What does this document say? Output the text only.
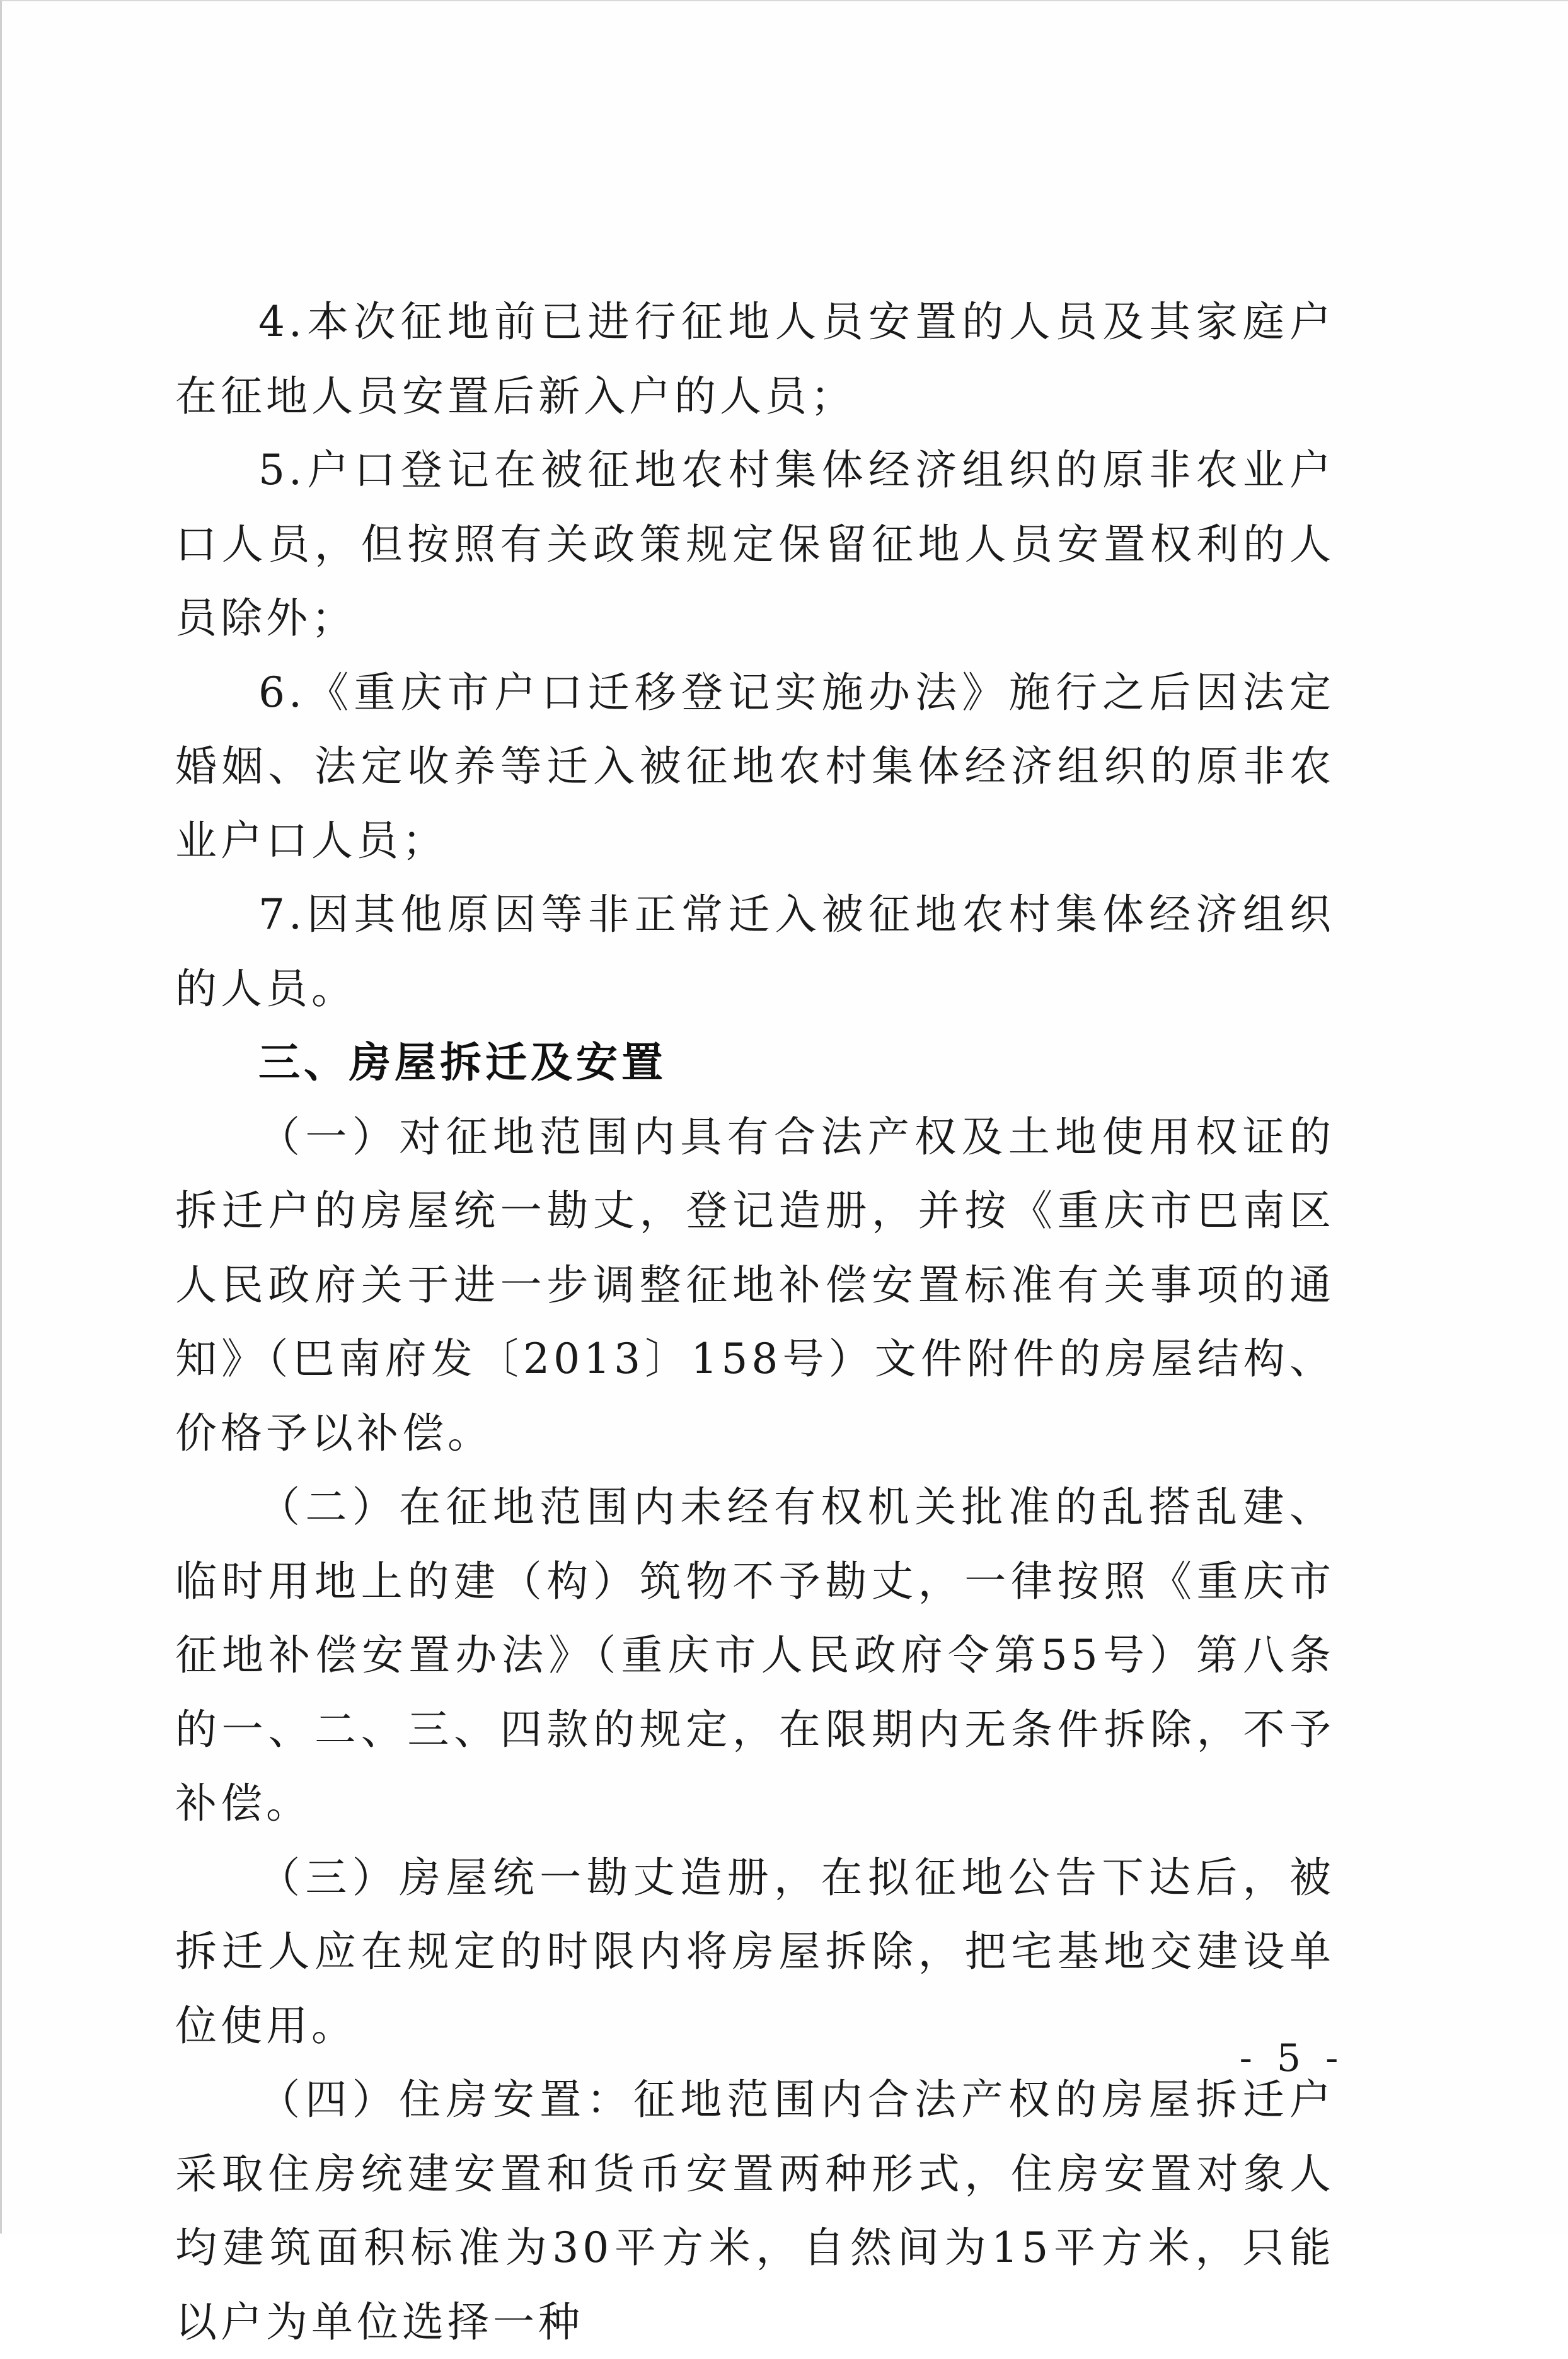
4.本次征地前已进行征地人员安置的人员及其家庭户在征地人员安置后新入户的人员；

5.户口登记在被征地农村集体经济组织的原非农业户口人员，但按照有关政策规定保留征地人员安置权利的人员除外；

6.《重庆市户口迁移登记实施办法》施行之后因法定婚姻、法定收养等迁入被征地农村集体经济组织的原非农业户口人员；

7.因其他原因等非正常迁入被征地农村集体经济组织的人员。

三、房屋拆迁及安置

（一）对征地范围内具有合法产权及土地使用权证的拆迁户的房屋统一勘丈，登记造册，并按《重庆市巴南区人民政府关于进一步调整征地补偿安置标准有关事项的通知》（巴南府发〔2013〕158号）文件附件的房屋结构、价格予以补偿。

（二）在征地范围内未经有权机关批准的乱搭乱建、临时用地上的建（构）筑物不予勘丈，一律按照《重庆市征地补偿安置办法》（重庆市人民政府令第55号）第八条的一、二、三、四款的规定，在限期内无条件拆除，不予补偿。

（三）房屋统一勘丈造册，在拟征地公告下达后，被拆迁人应在规定的时限内将房屋拆除，把宅基地交建设单位使用。

（四）住房安置：征地范围内合法产权的房屋拆迁户采取住房统建安置和货币安置两种形式，住房安置对象人均建筑面积标准为30平方米，自然间为15平方米，只能以户为单位选择一种

- 5 -
